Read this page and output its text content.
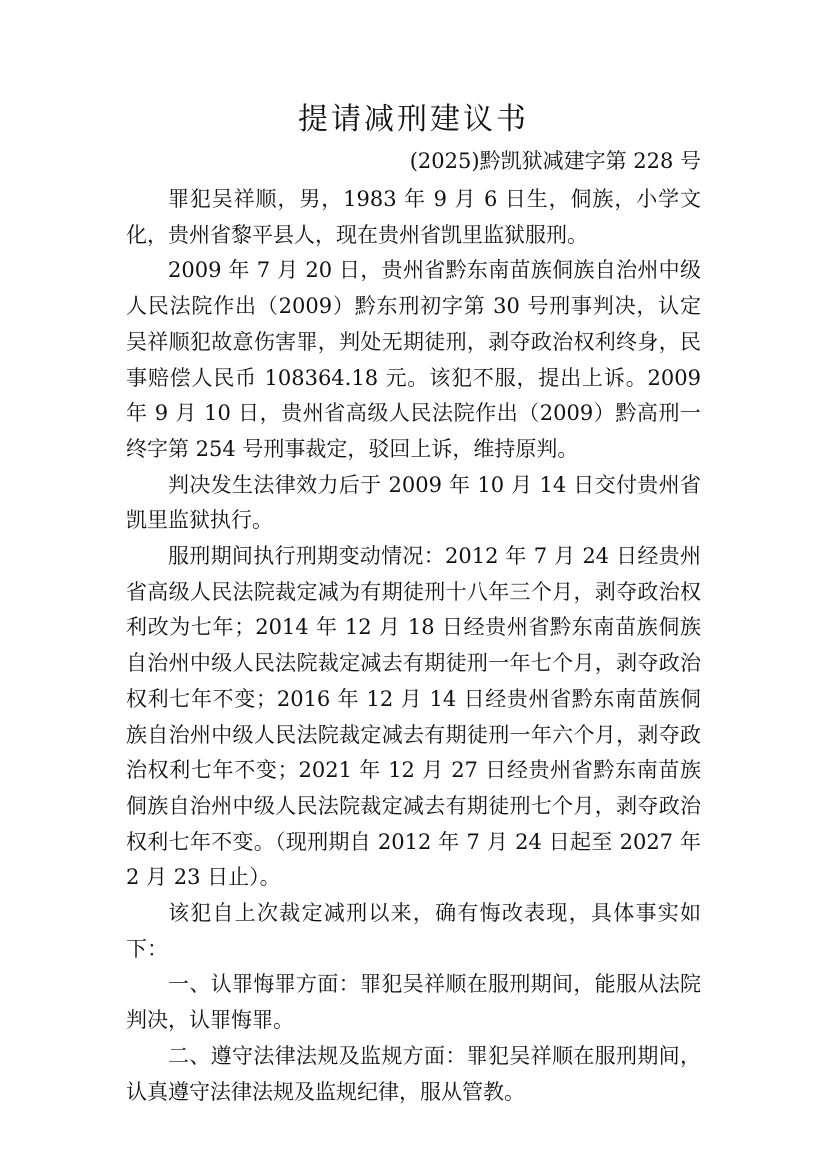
提请减刑建议书

(2025)黔凯狱减建字第 228 号

罪犯吴祥顺，男，1983 年 9 月 6 日生，侗族，小学文化，贵州省黎平县人，现在贵州省凯里监狱服刑。

2009 年 7 月 20 日，贵州省黔东南苗族侗族自治州中级人民法院作出（2009）黔东刑初字第 30 号刑事判决，认定吴祥顺犯故意伤害罪，判处无期徒刑，剥夺政治权利终身，民事赔偿人民币 108364.18 元。该犯不服，提出上诉。2009 年 9 月 10 日，贵州省高级人民法院作出（2009）黔高刑一终字第 254 号刑事裁定，驳回上诉，维持原判。

判决发生法律效力后于 2009 年 10 月 14 日交付贵州省凯里监狱执行。

服刑期间执行刑期变动情况：2012 年 7 月 24 日经贵州省高级人民法院裁定减为有期徒刑十八年三个月，剥夺政治权利改为七年；2014 年 12 月 18 日经贵州省黔东南苗族侗族自治州中级人民法院裁定减去有期徒刑一年七个月，剥夺政治权利七年不变；2016 年 12 月 14 日经贵州省黔东南苗族侗族自治州中级人民法院裁定减去有期徒刑一年六个月，剥夺政治权利七年不变；2021 年 12 月 27 日经贵州省黔东南苗族侗族自治州中级人民法院裁定减去有期徒刑七个月，剥夺政治权利七年不变。（现刑期自 2012 年 7 月 24 日起至 2027 年 2 月 23 日止）。

该犯自上次裁定减刑以来，确有悔改表现，具体事实如下：

一、认罪悔罪方面：罪犯吴祥顺在服刑期间，能服从法院判决，认罪悔罪。

二、遵守法律法规及监规方面：罪犯吴祥顺在服刑期间，认真遵守法律法规及监规纪律，服从管教。
